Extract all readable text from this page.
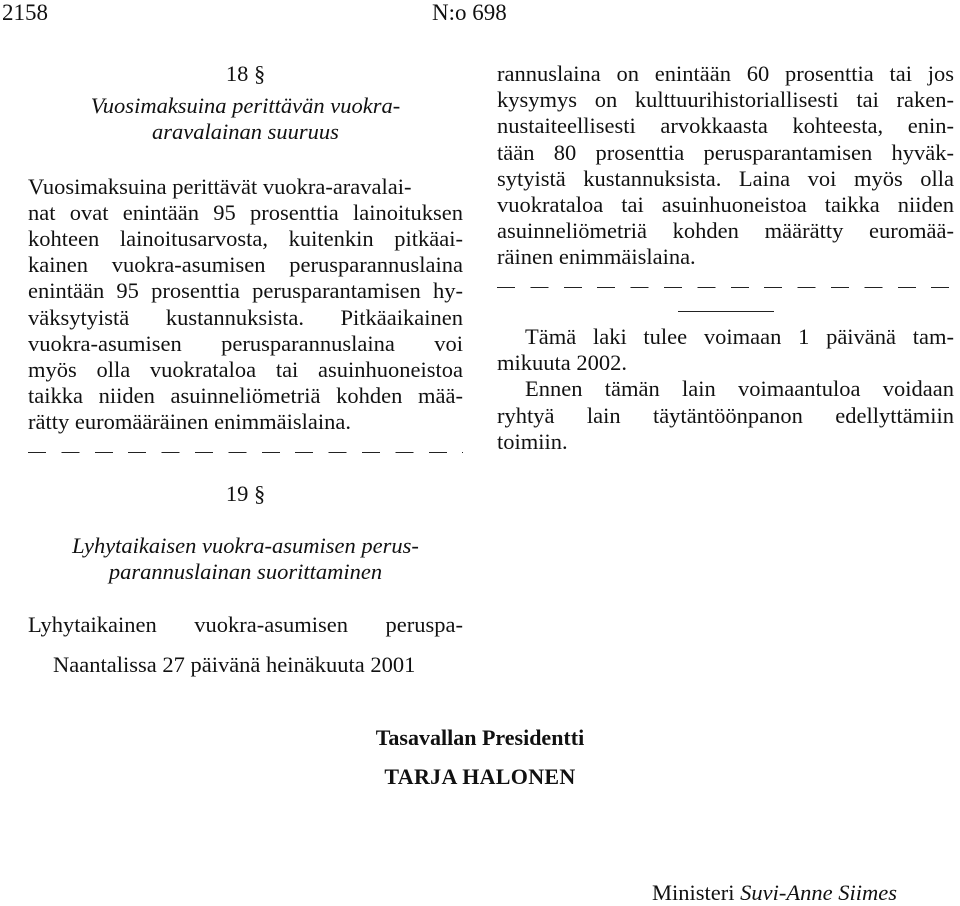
2158	N:o 698

18 §

Vuosimaksuina perittävän vuokra-

aravalainan suuruus

Vuosimaksuina perittävät vuokra-aravalai-

nat ovat enintään 95 prosenttia lainoituksen

kohteen lainoitusarvosta, kuitenkin pitkäai-

kainen vuokra-asumisen perusparannuslaina

enintään 95 prosenttia perusparantamisen hy-

väksytyistä kustannuksista. Pitkäaikainen

vuokra-asumisen perusparannuslaina voi

myös olla vuokrataloa tai asuinhuoneistoa

taikka niiden asuinneliömetriä kohden mää-

rätty euromääräinen enimmäislaina.

19 §

Lyhytaikaisen vuokra-asumisen perus-

parannuslainan suorittaminen

Lyhytaikainen vuokra-asumisen peruspa-

rannuslaina on enintään 60 prosenttia tai jos

kysymys on kulttuurihistoriallisesti tai raken-

nustaiteellisesti arvokkaasta kohteesta, enin-

tään 80 prosenttia perusparantamisen hyväk-

sytyistä kustannuksista. Laina voi myös olla

vuokrataloa tai asuinhuoneistoa taikka niiden

asuinneliömetriä kohden määrätty euromää-

räinen enimmäislaina.

Tämä laki tulee voimaan 1 päivänä tam-

mikuuta 2002.

Ennen tämän lain voimaantuloa voidaan

ryhtyä lain täytäntöönpanon edellyttämiin

toimiin.

Naantalissa 27 päivänä heinäkuuta 2001
Tasavallan Presidentti
TARJA HALONEN
Ministeri Suvi-Anne Siimes
